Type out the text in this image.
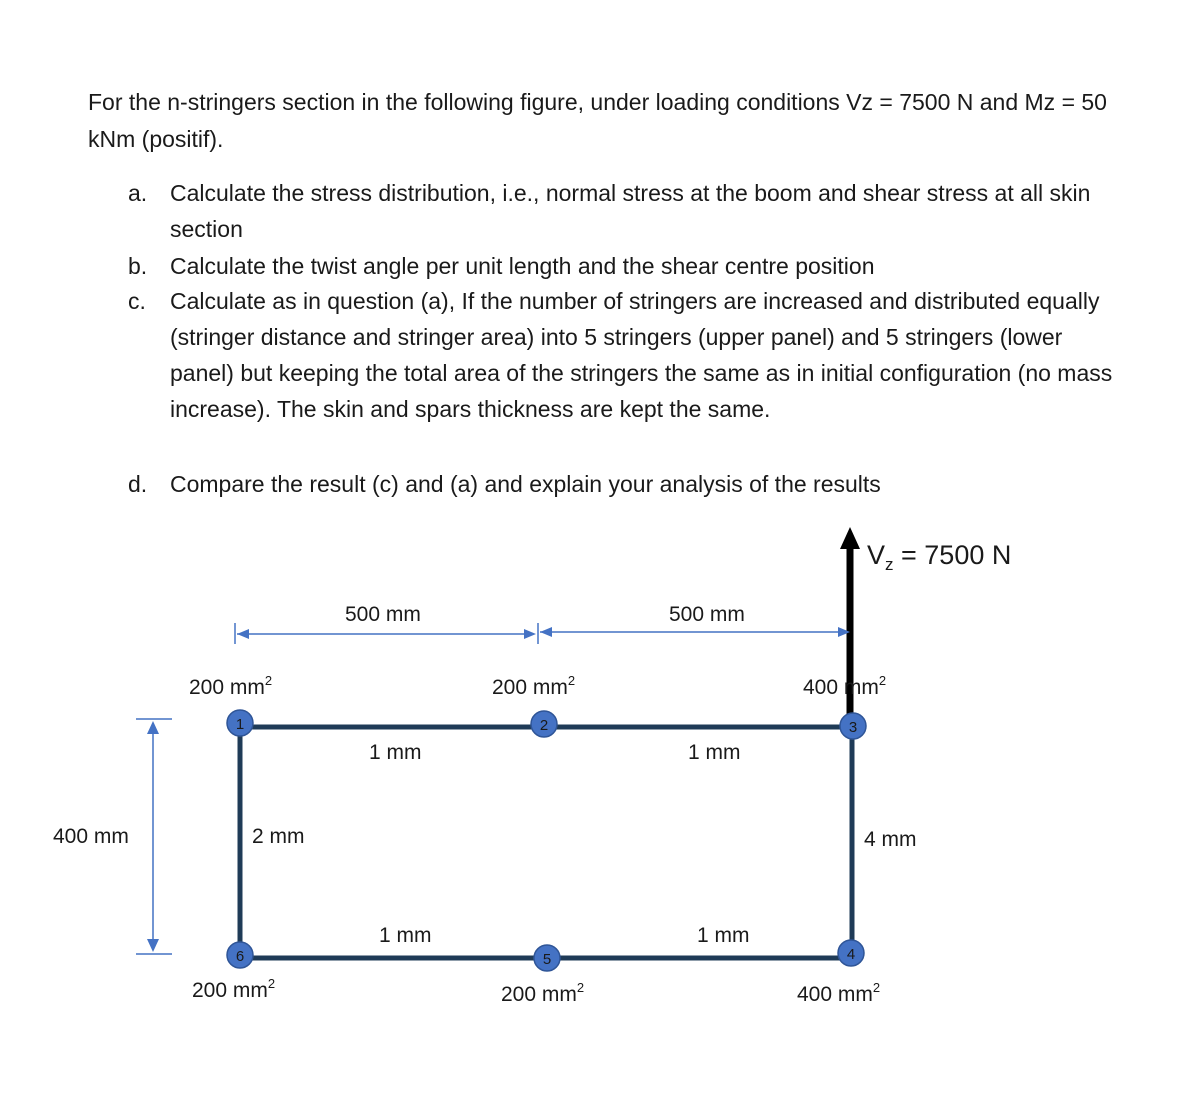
For the n-stringers section in the following figure, under loading conditions Vz = 7500 N and Mz = 50 kNm (positif).

a. Calculate the stress distribution, i.e., normal stress at the boom and shear stress at all skin section

b. Calculate the twist angle per unit length and the shear centre position

c. Calculate as in question (a), If the number of stringers are increased and distributed equally (stringer distance and stringer area) into 5 stringers (upper panel) and 5 stringers (lower panel) but keeping the total area of the stringers the same as in initial configuration (no mass increase). The skin and spars thickness are kept the same.

d. Compare the result (c) and (a) and explain your analysis of the results

$V_z = 7500$ N
500 mm	500 mm
400 mm
1 mm	1 mm
1 mm	1 mm
2 mm	4 mm
200 $mm^2$	200 $mm^2$	400 $mm^2$
400 $mm^2$
200 $mm^2$
200 $mm^2$
1	2	3
4
5
6
